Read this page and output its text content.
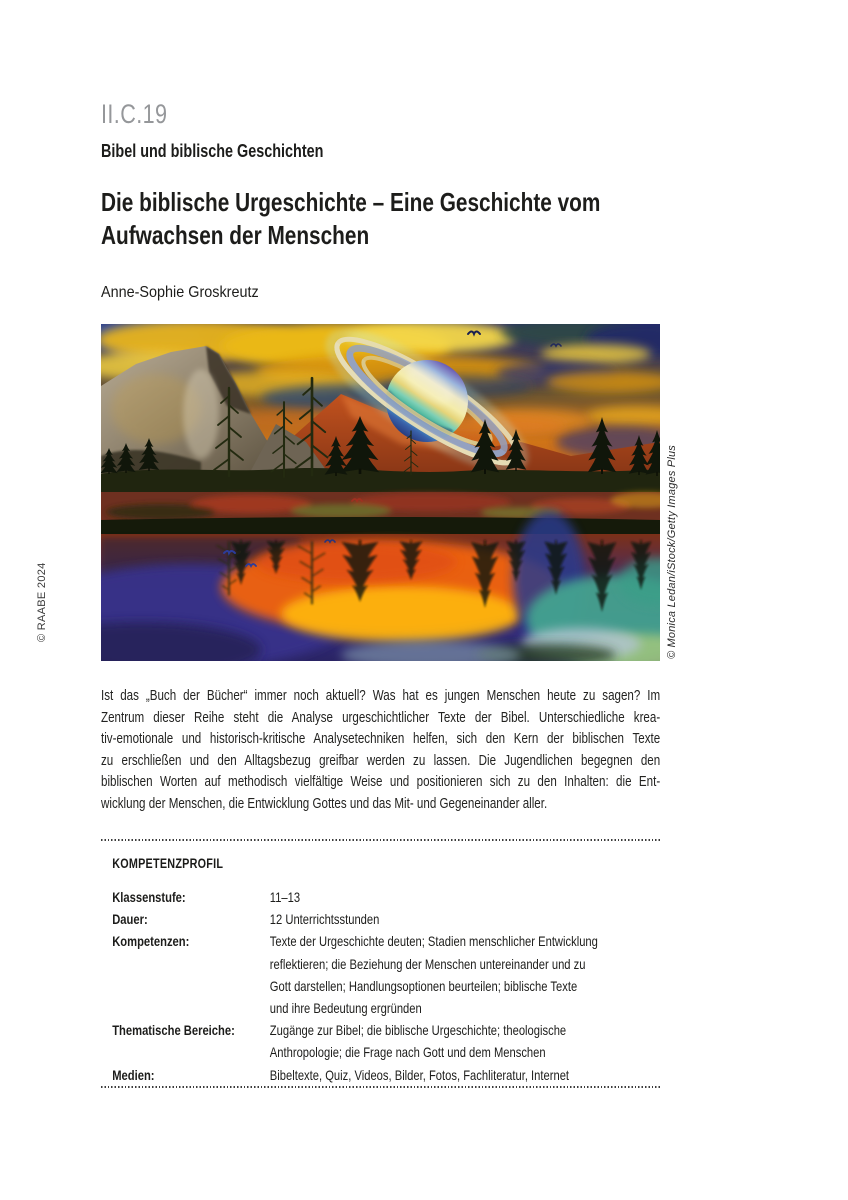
II.C.19
Bibel und biblische Geschichten
Die biblische Urgeschichte – Eine Geschichte vom
Aufwachsen der Menschen
Anne-Sophie Groskreutz
© RAABE 2024	© Monica Ledan/iStock/Getty Images Plus
Ist das „Buch der Bücher“ immer noch aktuell? Was hat es jungen Menschen heute zu sagen? Im
Zentrum dieser Reihe steht die Analyse urgeschichtlicher Texte der Bibel. Unterschiedliche krea-
tiv-emotionale und historisch-kritische Analysetechniken helfen, sich den Kern der biblischen Texte
zu erschließen und den Alltagsbezug greifbar werden zu lassen. Die Jugendlichen begegnen den
biblischen Worten auf methodisch vielfältige Weise und positionieren sich zu den Inhalten: die Ent-
wicklung der Menschen, die Entwicklung Gottes und das Mit- und Gegeneinander aller.
KOMPETENZPROFIL
Klassenstufe:	11–13
Dauer:	12 Unterrichtsstunden
Kompetenzen:	Texte der Urgeschichte deuten; Stadien menschlicher Entwicklung
reflektieren; die Beziehung der Menschen untereinander und zu
Gott darstellen; Handlungsoptionen beurteilen; biblische Texte
und ihre Bedeutung ergründen
Thematische Bereiche:	Zugänge zur Bibel; die biblische Urgeschichte; theologische
Anthropologie; die Frage nach Gott und dem Menschen
Medien:	Bibeltexte, Quiz, Videos, Bilder, Fotos, Fachliteratur, Internet
